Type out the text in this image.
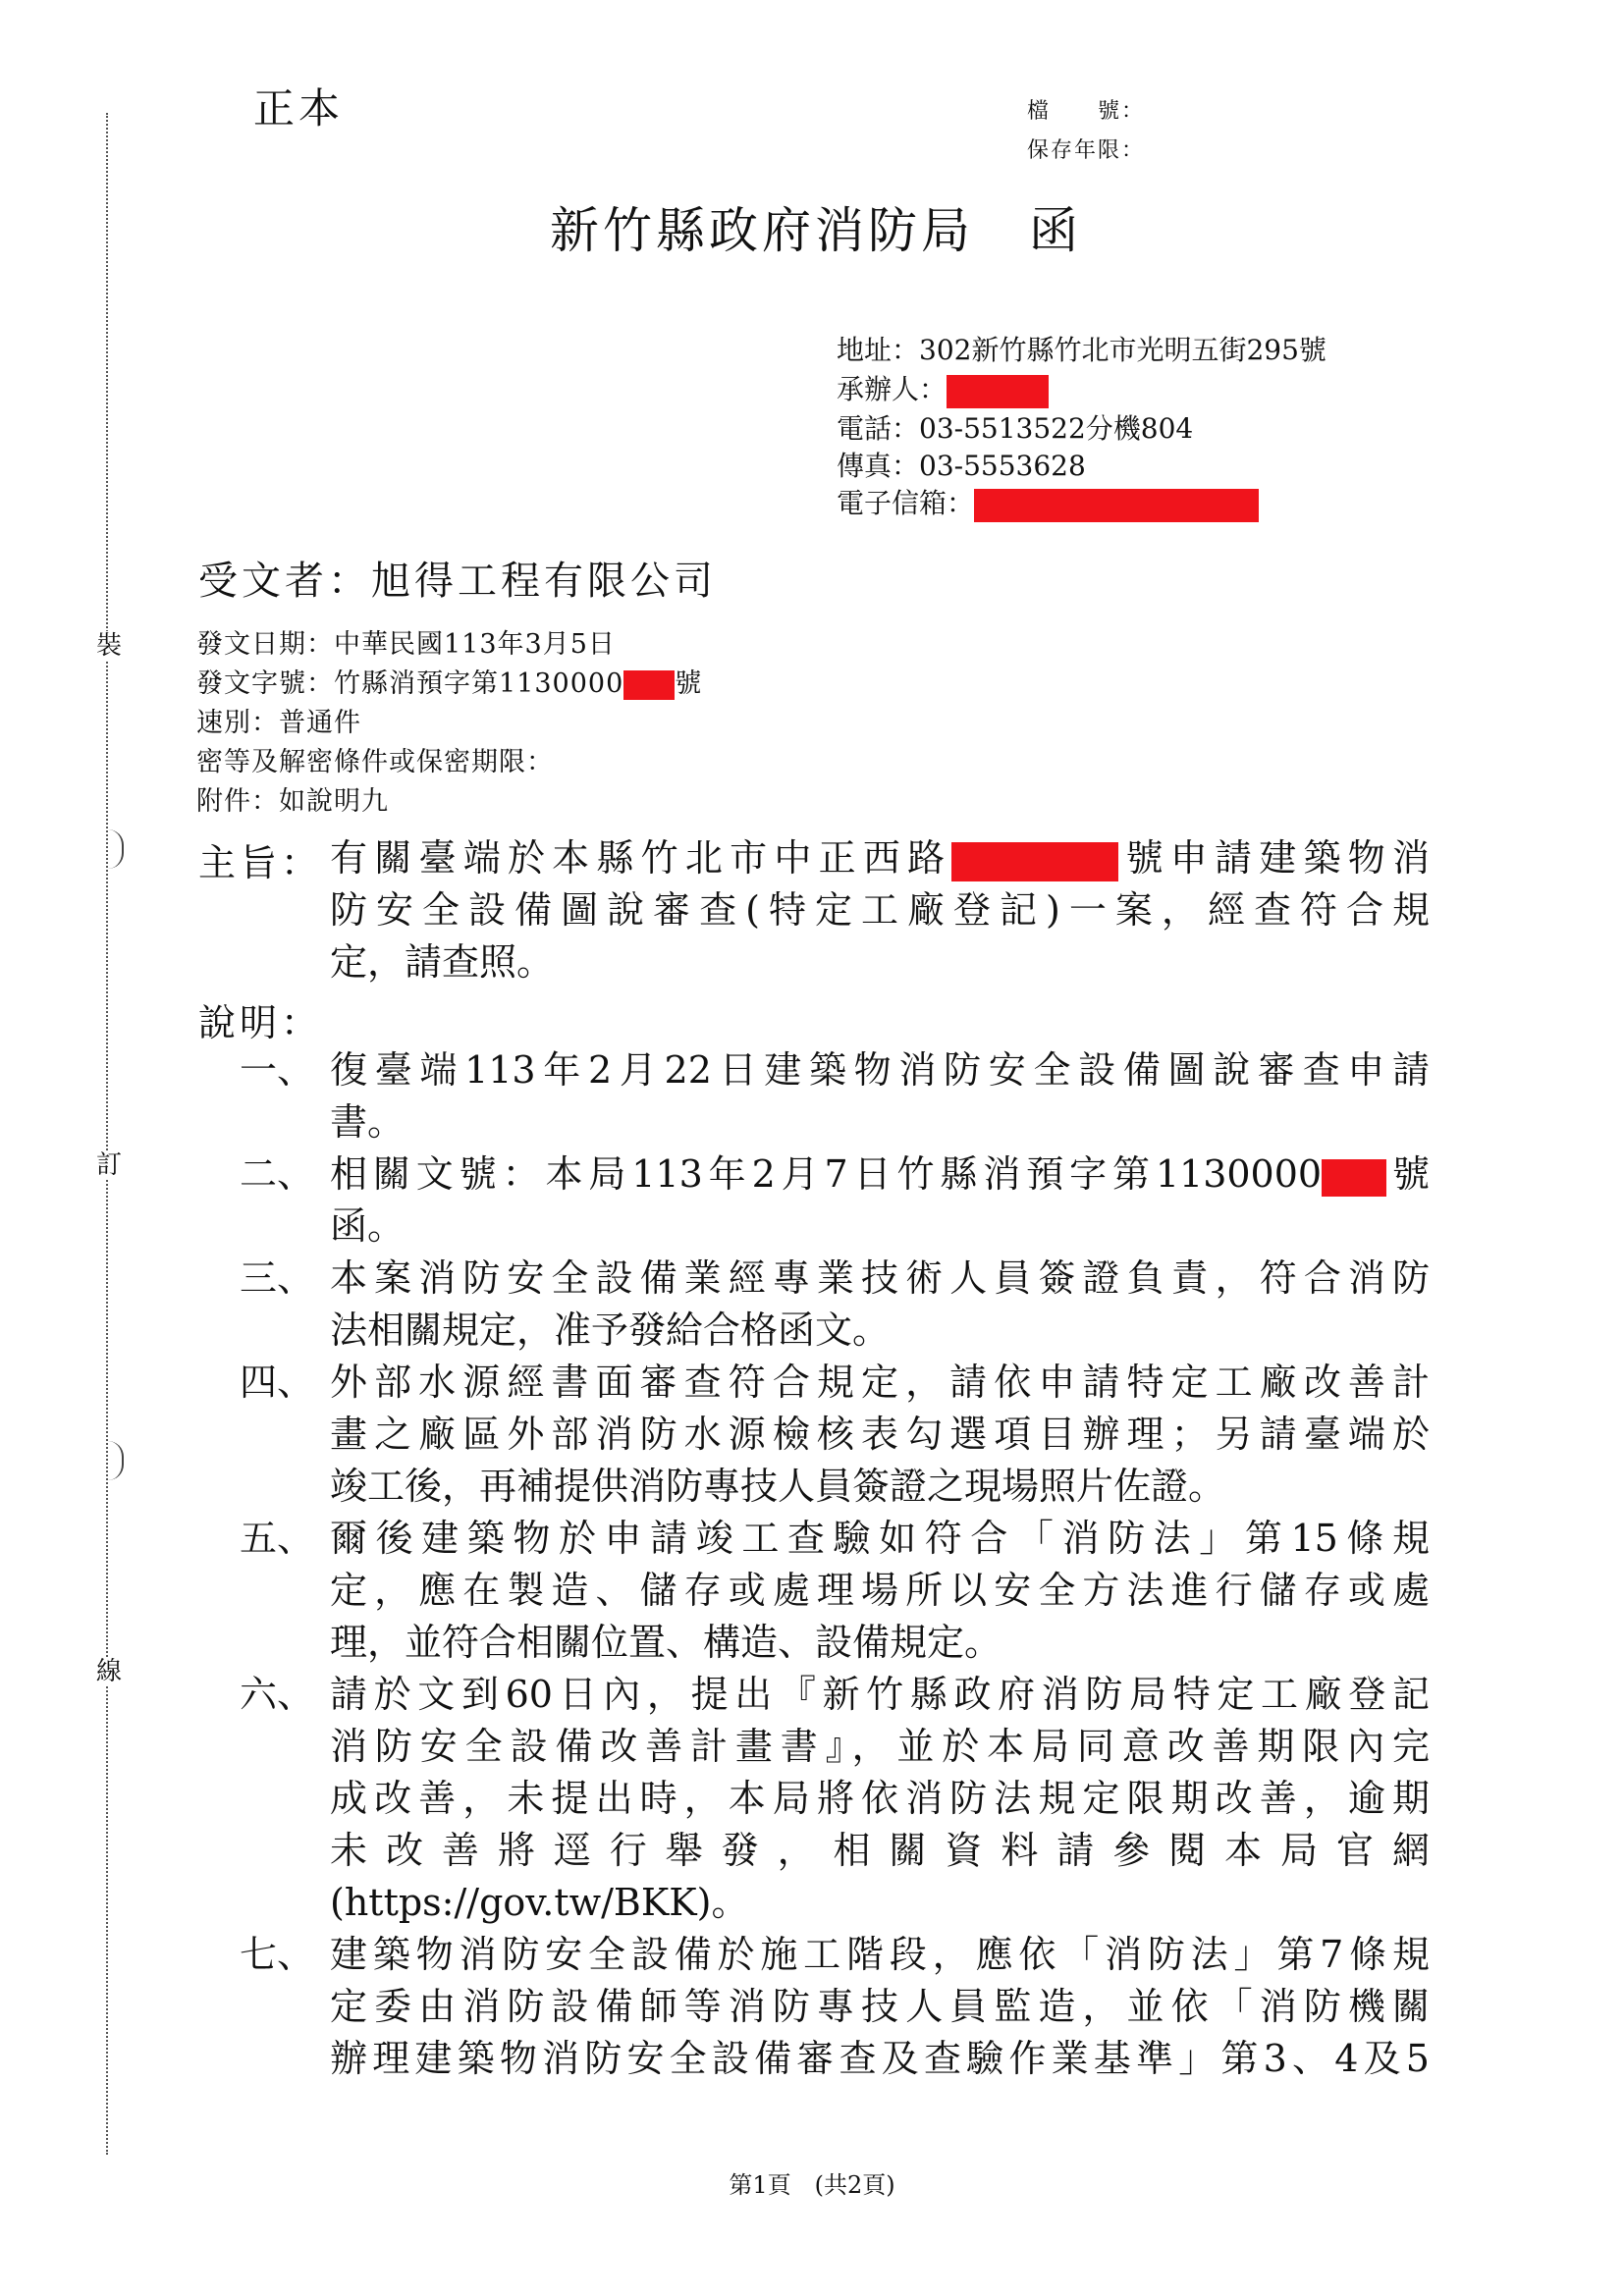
裝
訂
線
正本	檔　　號：
保存年限：
新竹縣政府消防局 函
地址：302新竹縣竹北市光明五街295號
承辦人：
電話：03-5513522分機804
傳真：03-5553628
電子信箱：
受文者：旭得工程有限公司
發文日期：中華民國113年3月5日
發文字號：竹縣消預字第1130000 號
速別：普通件
密等及解密條件或保密期限：
附件：如說明九
主旨： 有關臺端於本縣竹北市中正西路	號申請建築物消
防安全設備圖說審查(特定工廠登記)一案，經查符合規
定，請查照。
說明：
一、 復臺端113年2月22日建築物消防安全設備圖說審查申請
書。
二、 相關文號：本局113年2月7日竹縣消預字第1130000 號
函。
三、 本案消防安全設備業經專業技術人員簽證負責，符合消防
法相關規定，准予發給合格函文。
四、 外部水源經書面審查符合規定，請依申請特定工廠改善計
畫之廠區外部消防水源檢核表勾選項目辦理；另請臺端於
竣工後，再補提供消防專技人員簽證之現場照片佐證。
五、 爾後建築物於申請竣工查驗如符合「消防法」第15條規
定，應在製造、儲存或處理場所以安全方法進行儲存或處
理，並符合相關位置、構造、設備規定。
六、 請於文到60日內，提出『新竹縣政府消防局特定工廠登記
消防安全設備改善計畫書』，並於本局同意改善期限內完
成改善，未提出時，本局將依消防法規定限期改善，逾期
未改善將逕行舉發，相關資料請參閱本局官網
(https://gov.tw/BKK)。
七、 建築物消防安全設備於施工階段，應依「消防法」第7條規
定委由消防設備師等消防專技人員監造，並依「消防機關
辦理建築物消防安全設備審查及查驗作業基準」第3、4及5
第1頁　(共2頁)
